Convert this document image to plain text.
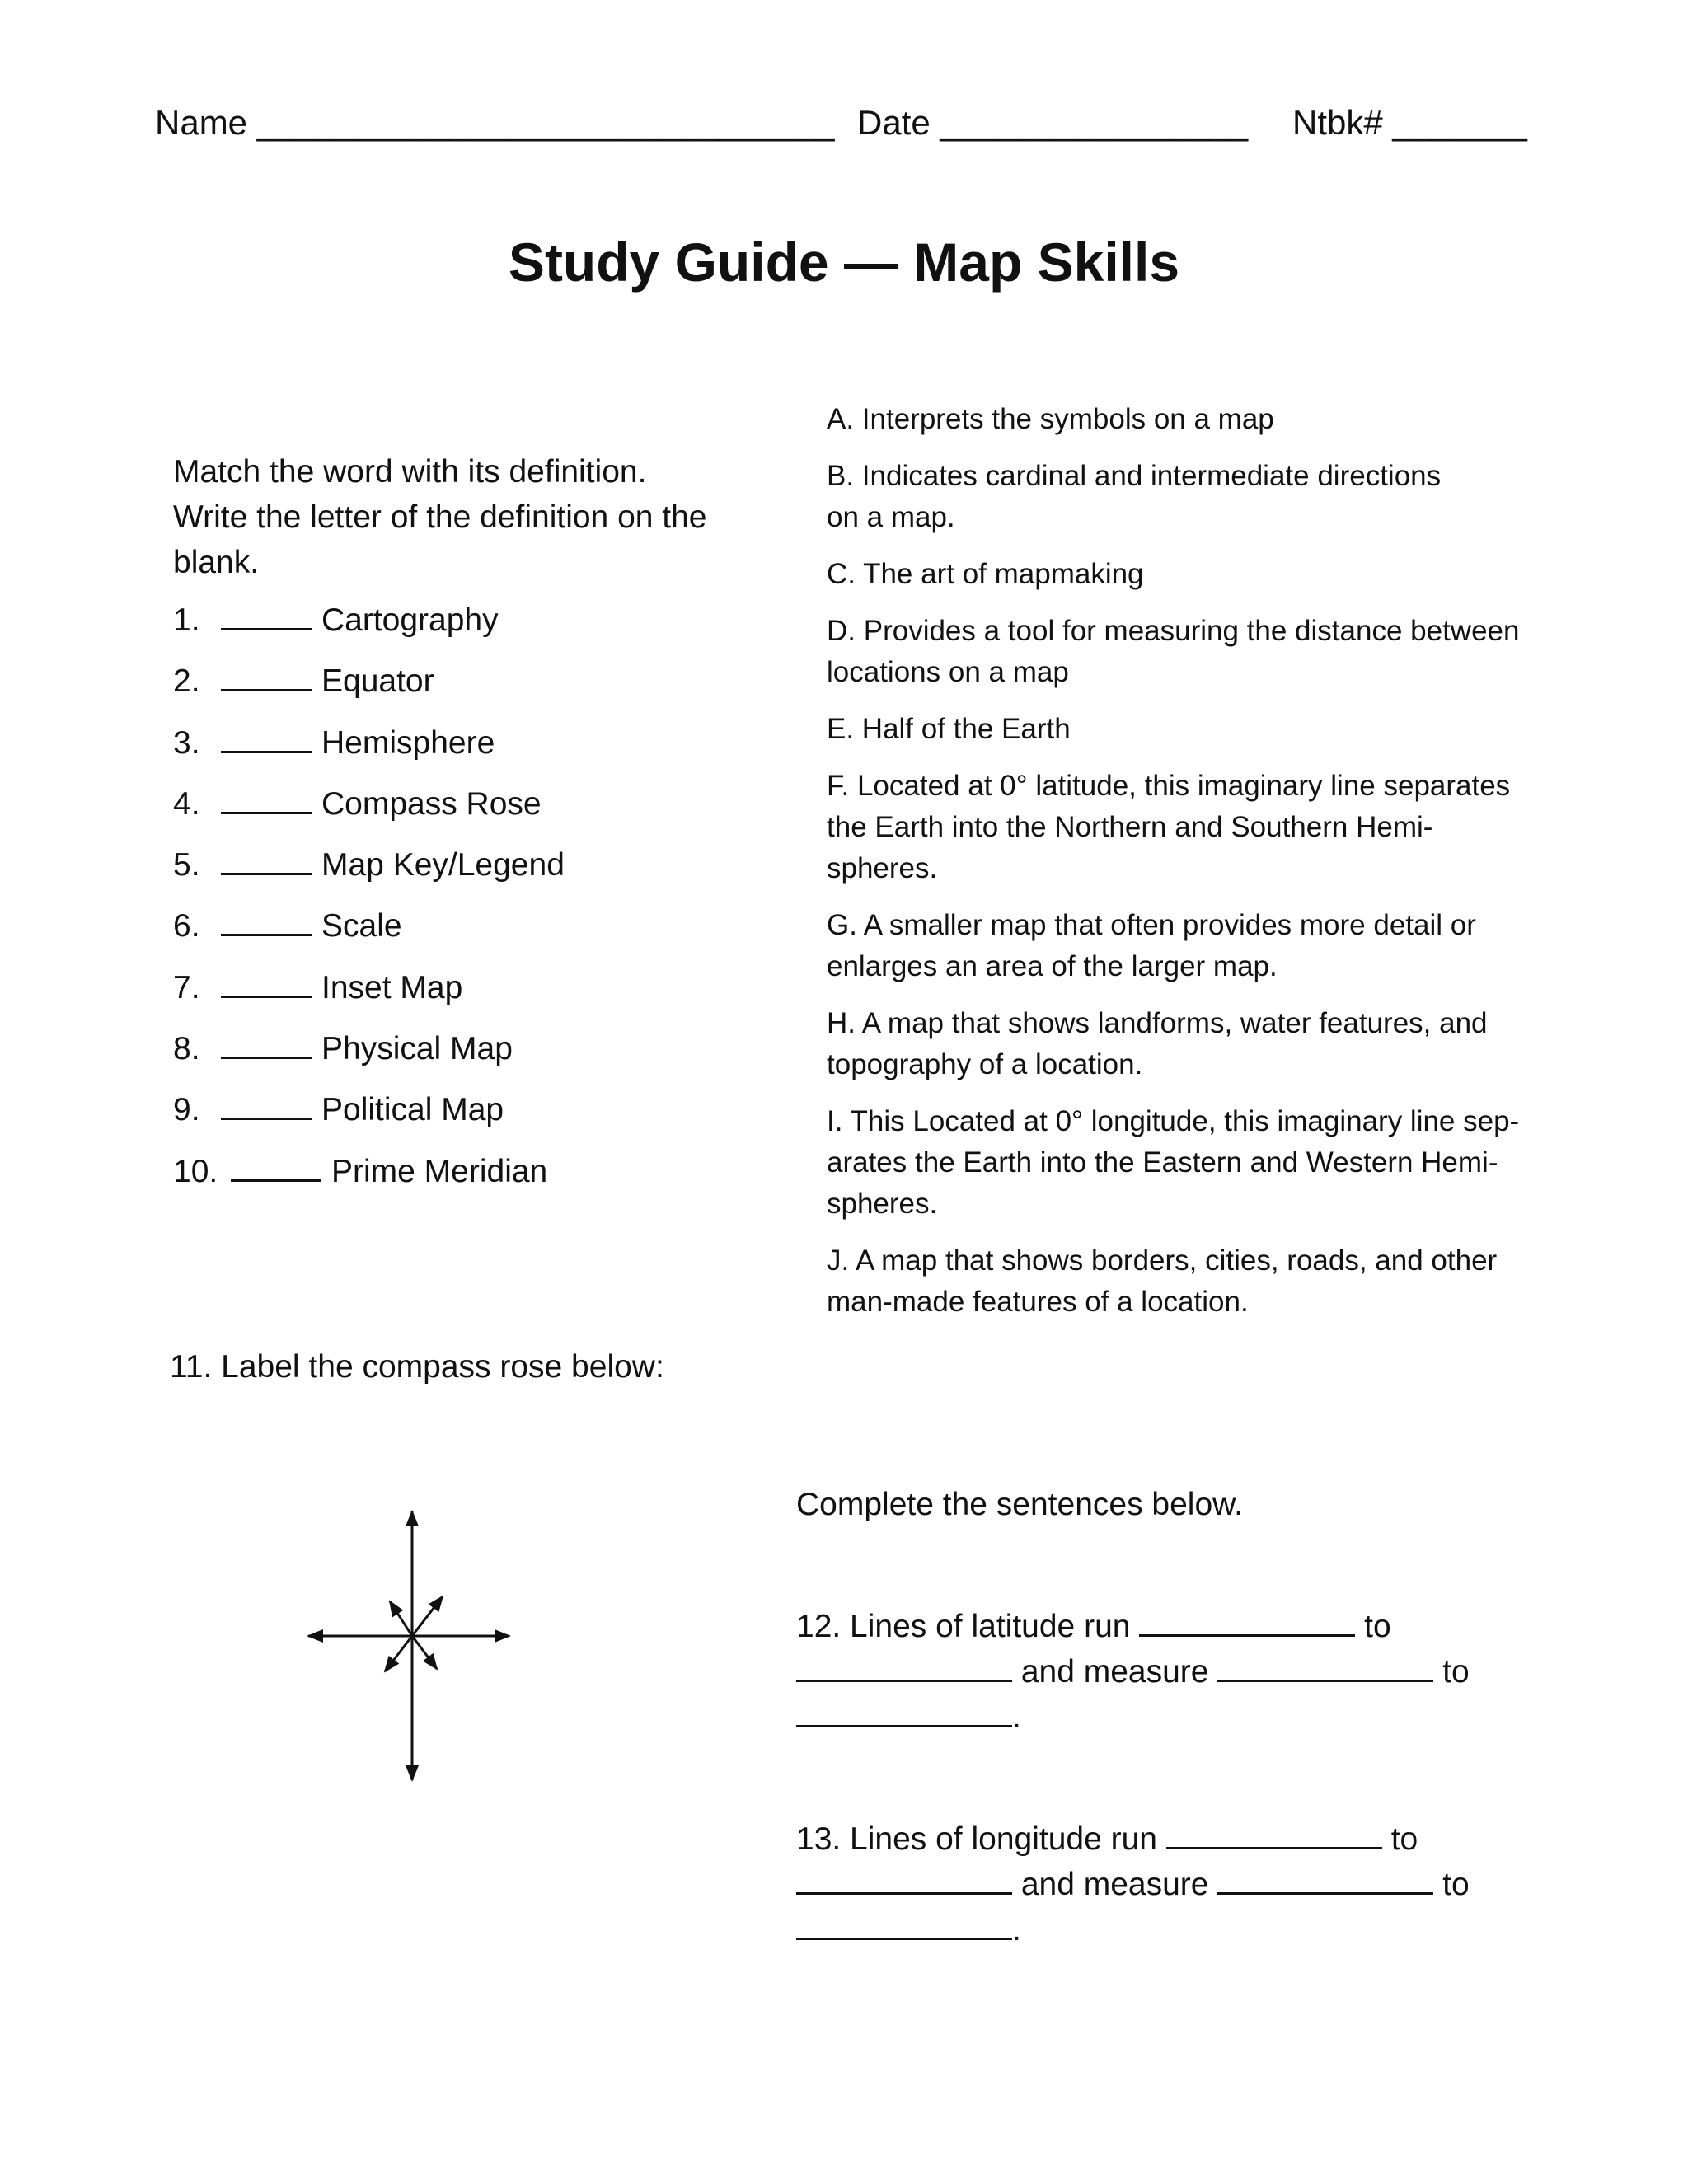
Name ______________________________ Date ________________ Ntbk# _______
Study Guide — Map Skills
Match the word with its definition.
Write the letter of the definition on the
blank.
1.	Cartography
2.	Equator
3.	Hemisphere
4.	Compass Rose
5.	Map Key/Legend
6.	Scale
7.	Inset Map
8.	Physical Map
9.	Political Map
10.	Prime Meridian
A. Interprets the symbols on a map
B. Indicates cardinal and intermediate directions
on a map.
C. The art of mapmaking
D. Provides a tool for measuring the distance between
locations on a map
E. Half of the Earth
F. Located at 0° latitude, this imaginary line separates
the Earth into the Northern and Southern Hemi-
spheres.
G. A smaller map that often provides more detail or
enlarges an area of the larger map.
H. A map that shows landforms, water features, and
topography of a location.
I. This Located at 0° longitude, this imaginary line sep-
arates the Earth into the Eastern and Western Hemi-
spheres.
J. A map that shows borders, cities, roads, and other
man-made features of a location.
11. Label the compass rose below:
Complete the sentences below.
12. Lines of latitude run	to
and measure	to
.
13. Lines of longitude run	to
and measure	to
.
